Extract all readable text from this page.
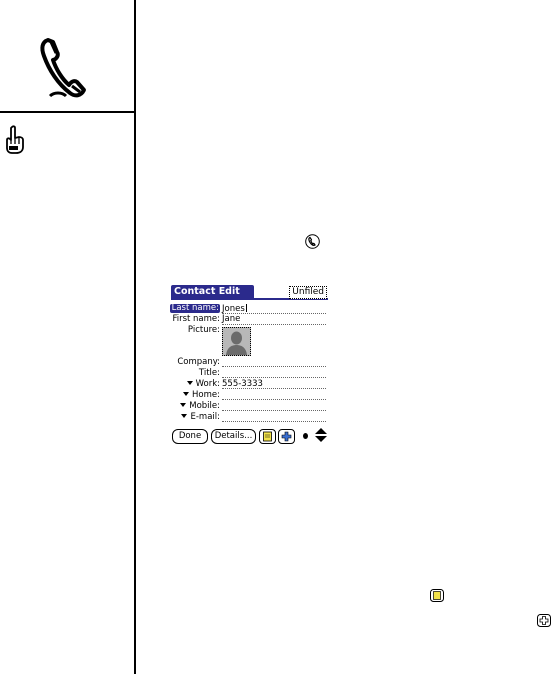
Contact Edit	Unfiled
Last name: Jones
First name: Jane
Picture:
Company:
Title:
Work: 555-3333
Home:
Mobile:
E-mail:
Done	Details...
